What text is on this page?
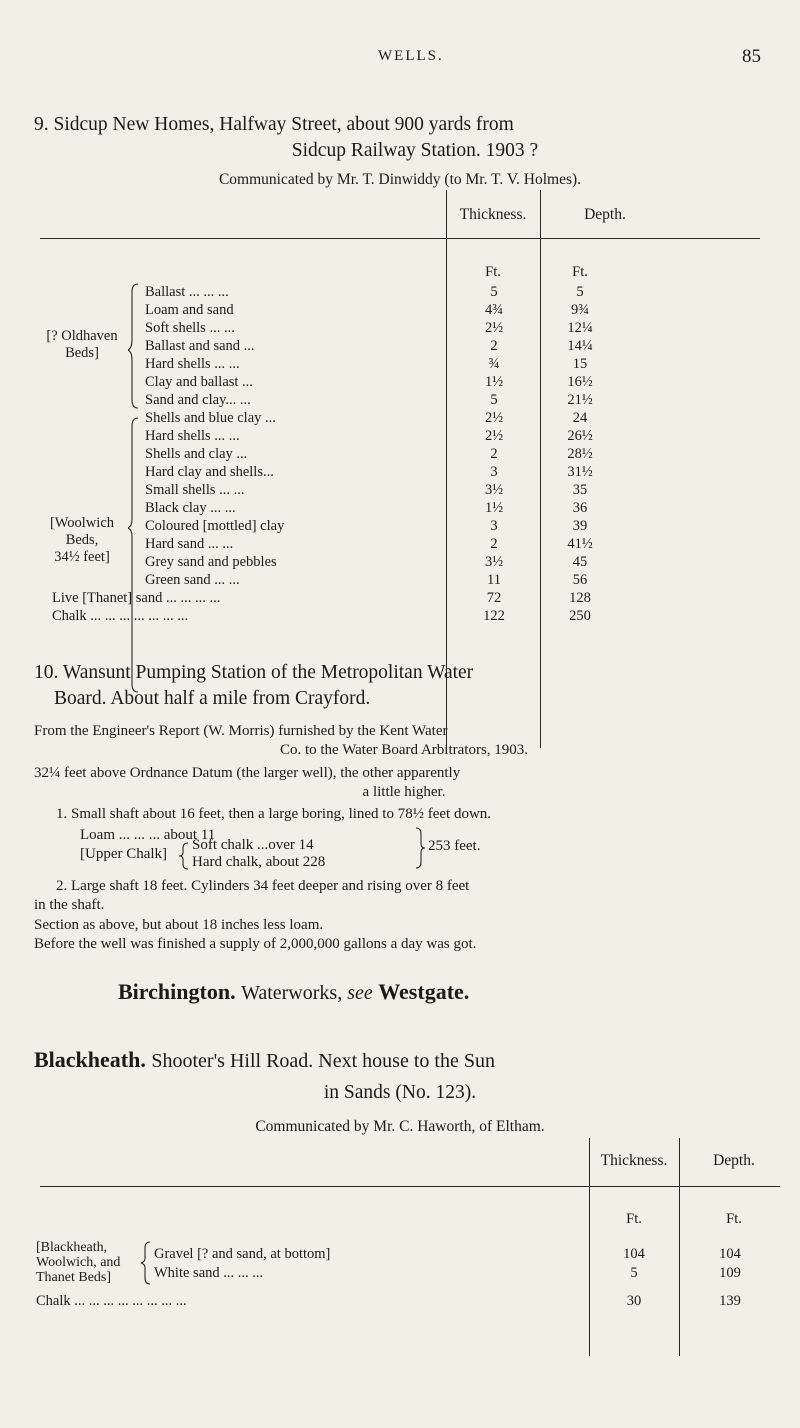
WELLS.	85
9. Sidcup New Homes, Halfway Street, about 900 yards from
Sidcup Railway Station. 1903 ?
Communicated by Mr. T. Dinwiddy (to Mr. T. V. Holmes).
Thickness.	Depth.
Ft.	Ft.
[? Oldhaven
Beds]
[Woolwich
Beds,
34½ feet]
Ballast ... ... ...	5	5
Loam and sand	4¾	9¾
Soft shells ... ...	2½	12¼
Ballast and sand ...	2	14¼
Hard shells ... ...	¾	15
Clay and ballast ...	1½	16½
Sand and clay... ...	5	21½
Shells and blue clay ...	2½	24
Hard shells ... ...	2½	26½
Shells and clay ...	2	28½
Hard clay and shells...	3	31½
Small shells ... ...	3½	35
Black clay ... ...	1½	36
Coloured [mottled] clay	3	39
Hard sand ... ...	2	41½
Grey sand and pebbles	3½	45
Green sand ... ...	11	56
Live [Thanet] sand ... ... ... ...	72	128
Chalk ... ... ... ... ... ... ...	122	250
10. Wansunt Pumping Station of the Metropolitan Water
Board. About half a mile from Crayford.
From the Engineer's Report (W. Morris) furnished by the Kent Water
Co. to the Water Board Arbitrators, 1903.
32¼ feet above Ordnance Datum (the larger well), the other apparently
a little higher.
1. Small shaft about 16 feet, then a large boring, lined to 78½ feet down.
Loam ... ... ... about 11
[Upper Chalk]
Soft chalk ...over 14
Hard chalk, about 228
253 feet.
2. Large shaft 18 feet. Cylinders 34 feet deeper and rising over 8 feet
in the shaft.
Section as above, but about 18 inches less loam.
Before the well was finished a supply of 2,000,000 gallons a day was got.
Birchington. Waterworks, see Westgate.
Blackheath. Shooter's Hill Road. Next house to the Sun
in Sands (No. 123).
Communicated by Mr. C. Haworth, of Eltham.
Thickness.	Depth.
Ft.	Ft.
[Blackheath,
Woolwich, and
Thanet Beds]
Gravel [? and sand, at bottom]	104	104
White sand ... ... ...	5	109
Chalk ... ... ... ... ... ... ... ...	30	139
